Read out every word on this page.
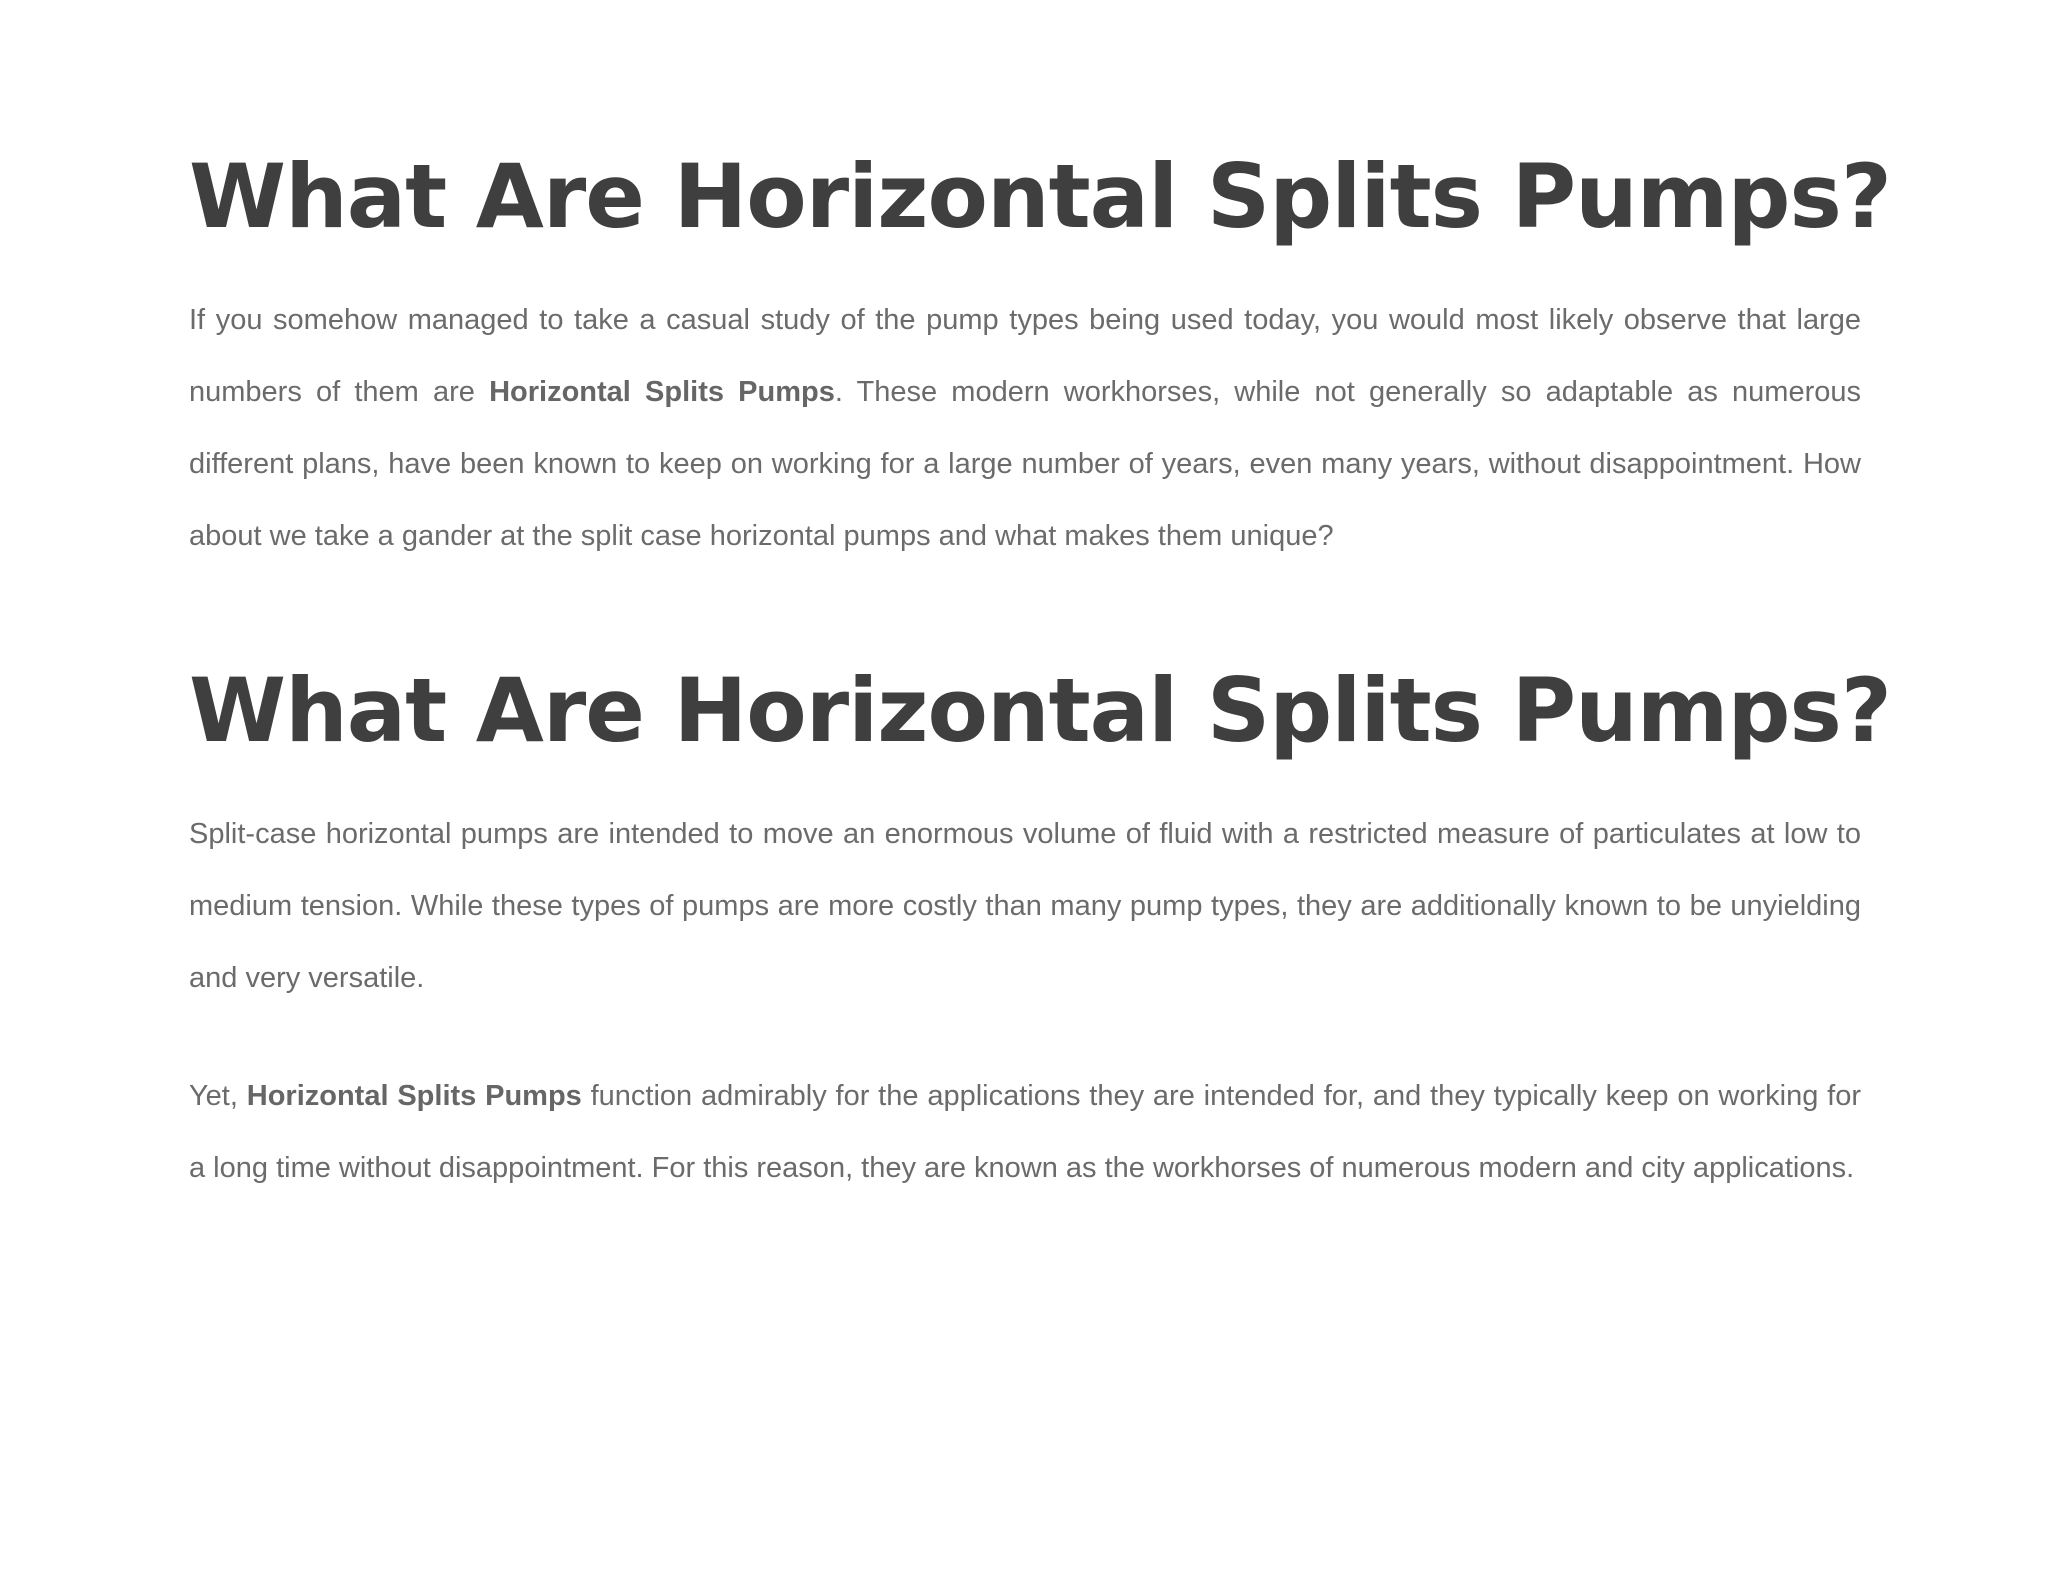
What Are Horizontal Splits Pumps?

If you somehow managed to take a casual study of the pump types being used today, you would most likely observe that large numbers of them are Horizontal Splits Pumps. These modern workhorses, while not generally so adaptable as numerous different plans, have been known to keep on working for a large number of years, even many years, without disappointment. How about we take a gander at the split case horizontal pumps and what makes them unique?

What Are Horizontal Splits Pumps?

Split-case horizontal pumps are intended to move an enormous volume of fluid with a restricted measure of particulates at low to medium tension. While these types of pumps are more costly than many pump types, they are additionally known to be unyielding and very versatile.

Yet, Horizontal Splits Pumps function admirably for the applications they are intended for, and they typically keep on working for a long time without disappointment. For this reason, they are known as the workhorses of numerous modern and city applications.
